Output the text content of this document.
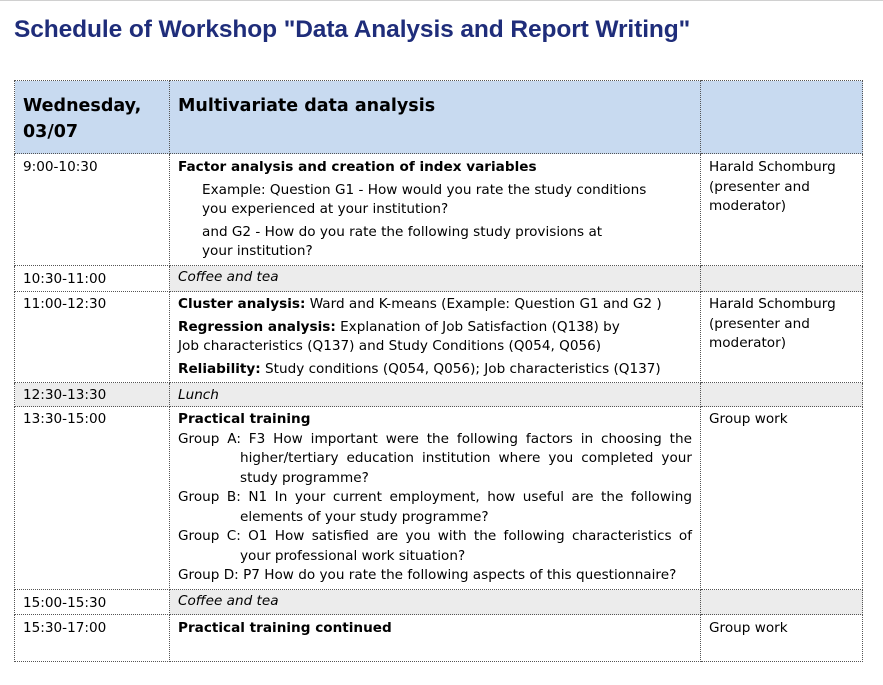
Schedule of Workshop "Data Analysis and Report Writing"
Wednesday, 03/07	Multivariate data analysis	
9:00-10:30	Factor analysis and creation of index variables

Example: Question G1 - How would you rate the study conditions you experienced at your institution?

and G2 - How do you rate the following study provisions at your institution?	Harald Schomburg (presenter and moderator)
10:30-11:00	Coffee and tea	
11:00-12:30	Cluster analysis: Ward and K-means (Example: Question G1 and G2 )

Regression analysis: Explanation of Job Satisfaction (Q138) by Job characteristics (Q137) and Study Conditions (Q054, Q056)

Reliability: Study conditions (Q054, Q056); Job characteristics (Q137)	Harald Schomburg (presenter and moderator)
12:30-13:30	Lunch	
13:30-15:00	Practical training

Group A: F3 How important were the following factors in choosing the higher/tertiary education institution where you completed your study programme?

Group B: N1 In your current employment, how useful are the following elements of your study programme?

Group C: O1 How satisfied are you with the following characteristics of your professional work situation?

Group D: P7 How do you rate the following aspects of this questionnaire?	Group work
15:00-15:30	Coffee and tea	
15:30-17:00	Practical training continued	Group work
